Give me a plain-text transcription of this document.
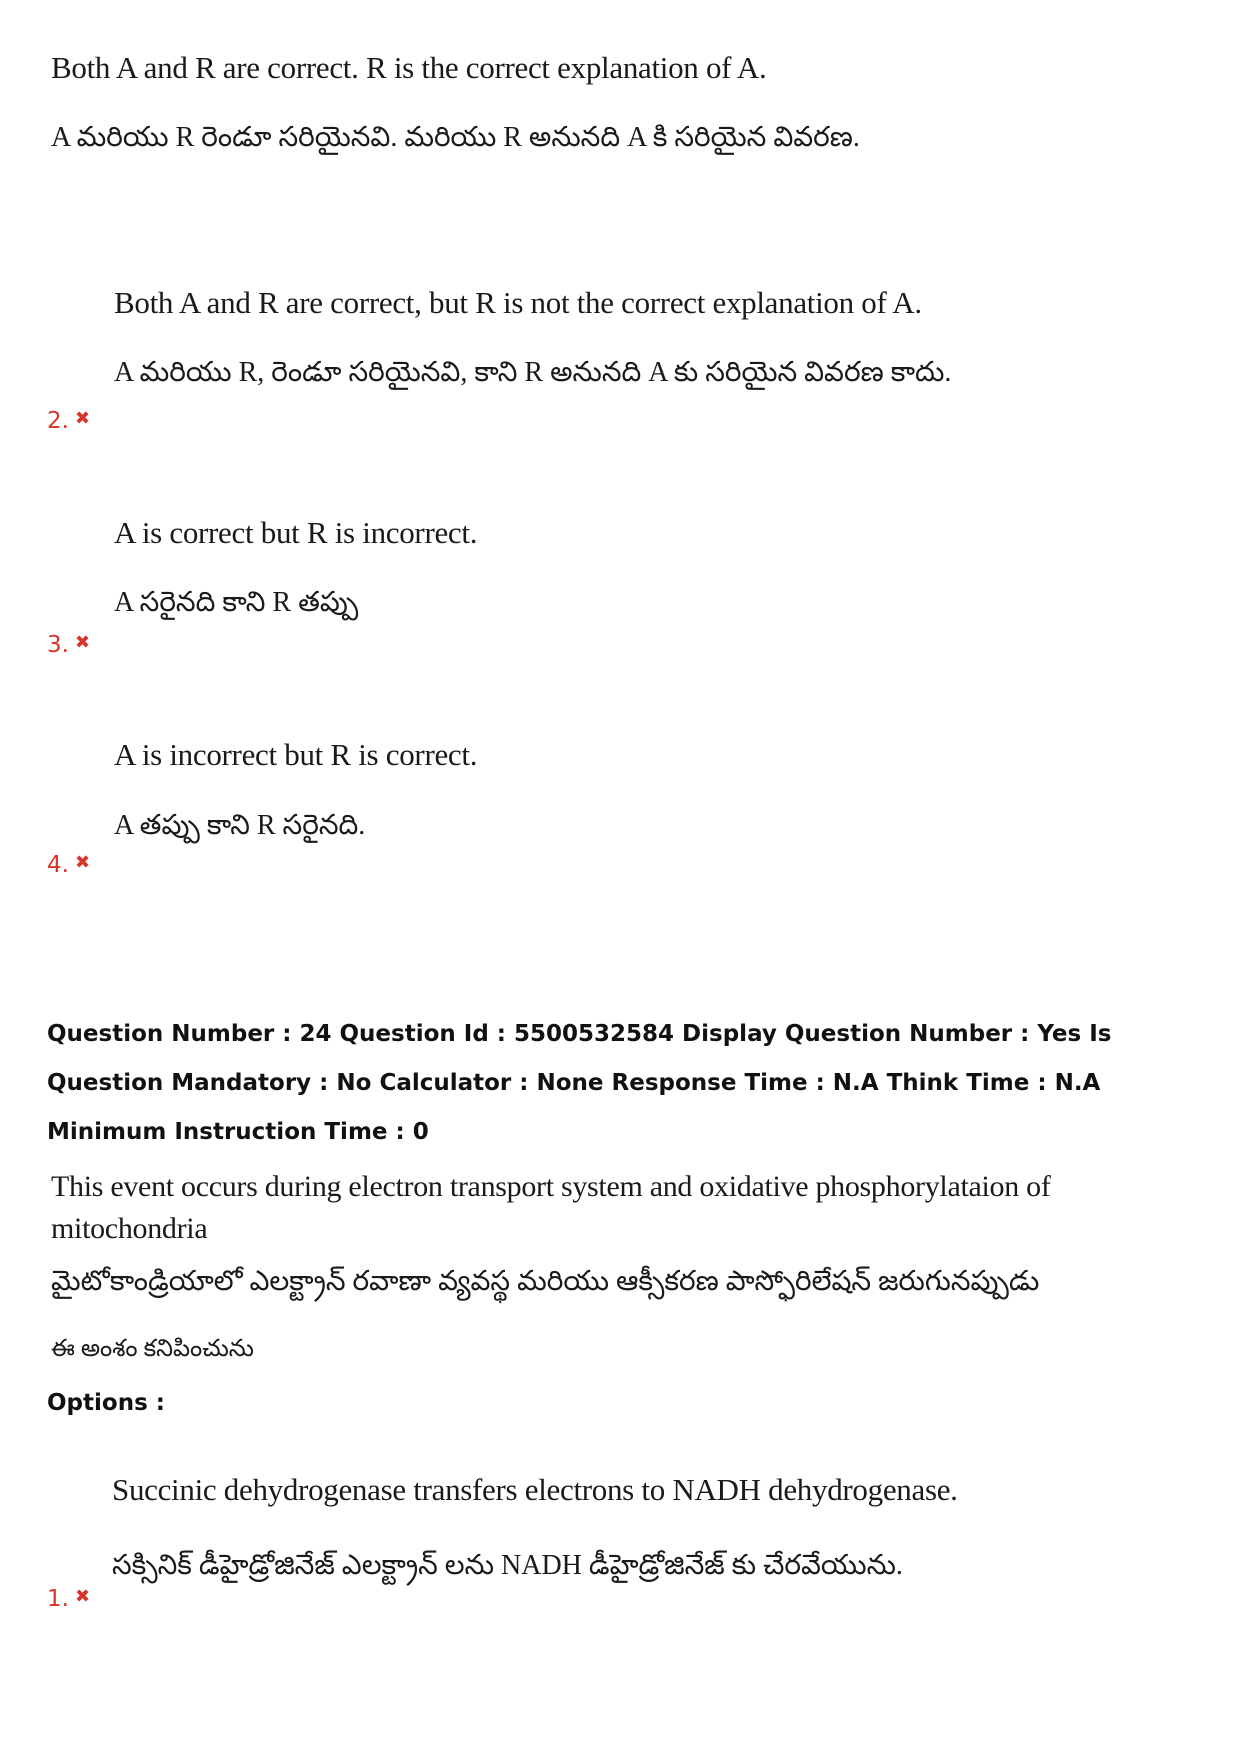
Both A and R are correct. R is the correct explanation of A.
A మరియు R రెండూ సరియైనవి. మరియు R అనునది A కి సరియైన వివరణ.
Both A and R are correct, but R is not the correct explanation of A.
A మరియు R, రెండూ సరియైనవి, కాని R అనునది A కు సరియైన వివరణ కాదు.
2. ✖
A is correct but R is incorrect.
A సరైనది కాని R తప్పు
3. ✖
A is incorrect but R is correct.
A తప్పు కాని R సరైనది.
4. ✖
Question Number : 24 Question Id : 5500532584 Display Question Number : Yes Is Question Mandatory : No Calculator : None Response Time : N.A Think Time : N.A Minimum Instruction Time : 0
This event occurs during electron transport system and oxidative phosphorylataion of
mitochondria
మైటోకాండ్రియాలో ఎలక్ట్రాన్ రవాణా వ్యవస్థ మరియు ఆక్సీకరణ పాస్ఫోరిలేషన్ జరుగునప్పుడు
ఈ అంశం కనిపించును
Options :
Succinic dehydrogenase transfers electrons to NADH dehydrogenase.
సక్సినిక్ డీహైడ్రోజినేజ్ ఎలక్ట్రాన్ లను NADH డీహైడ్రోజినేజ్ కు చేరవేయును.
1. ✖
